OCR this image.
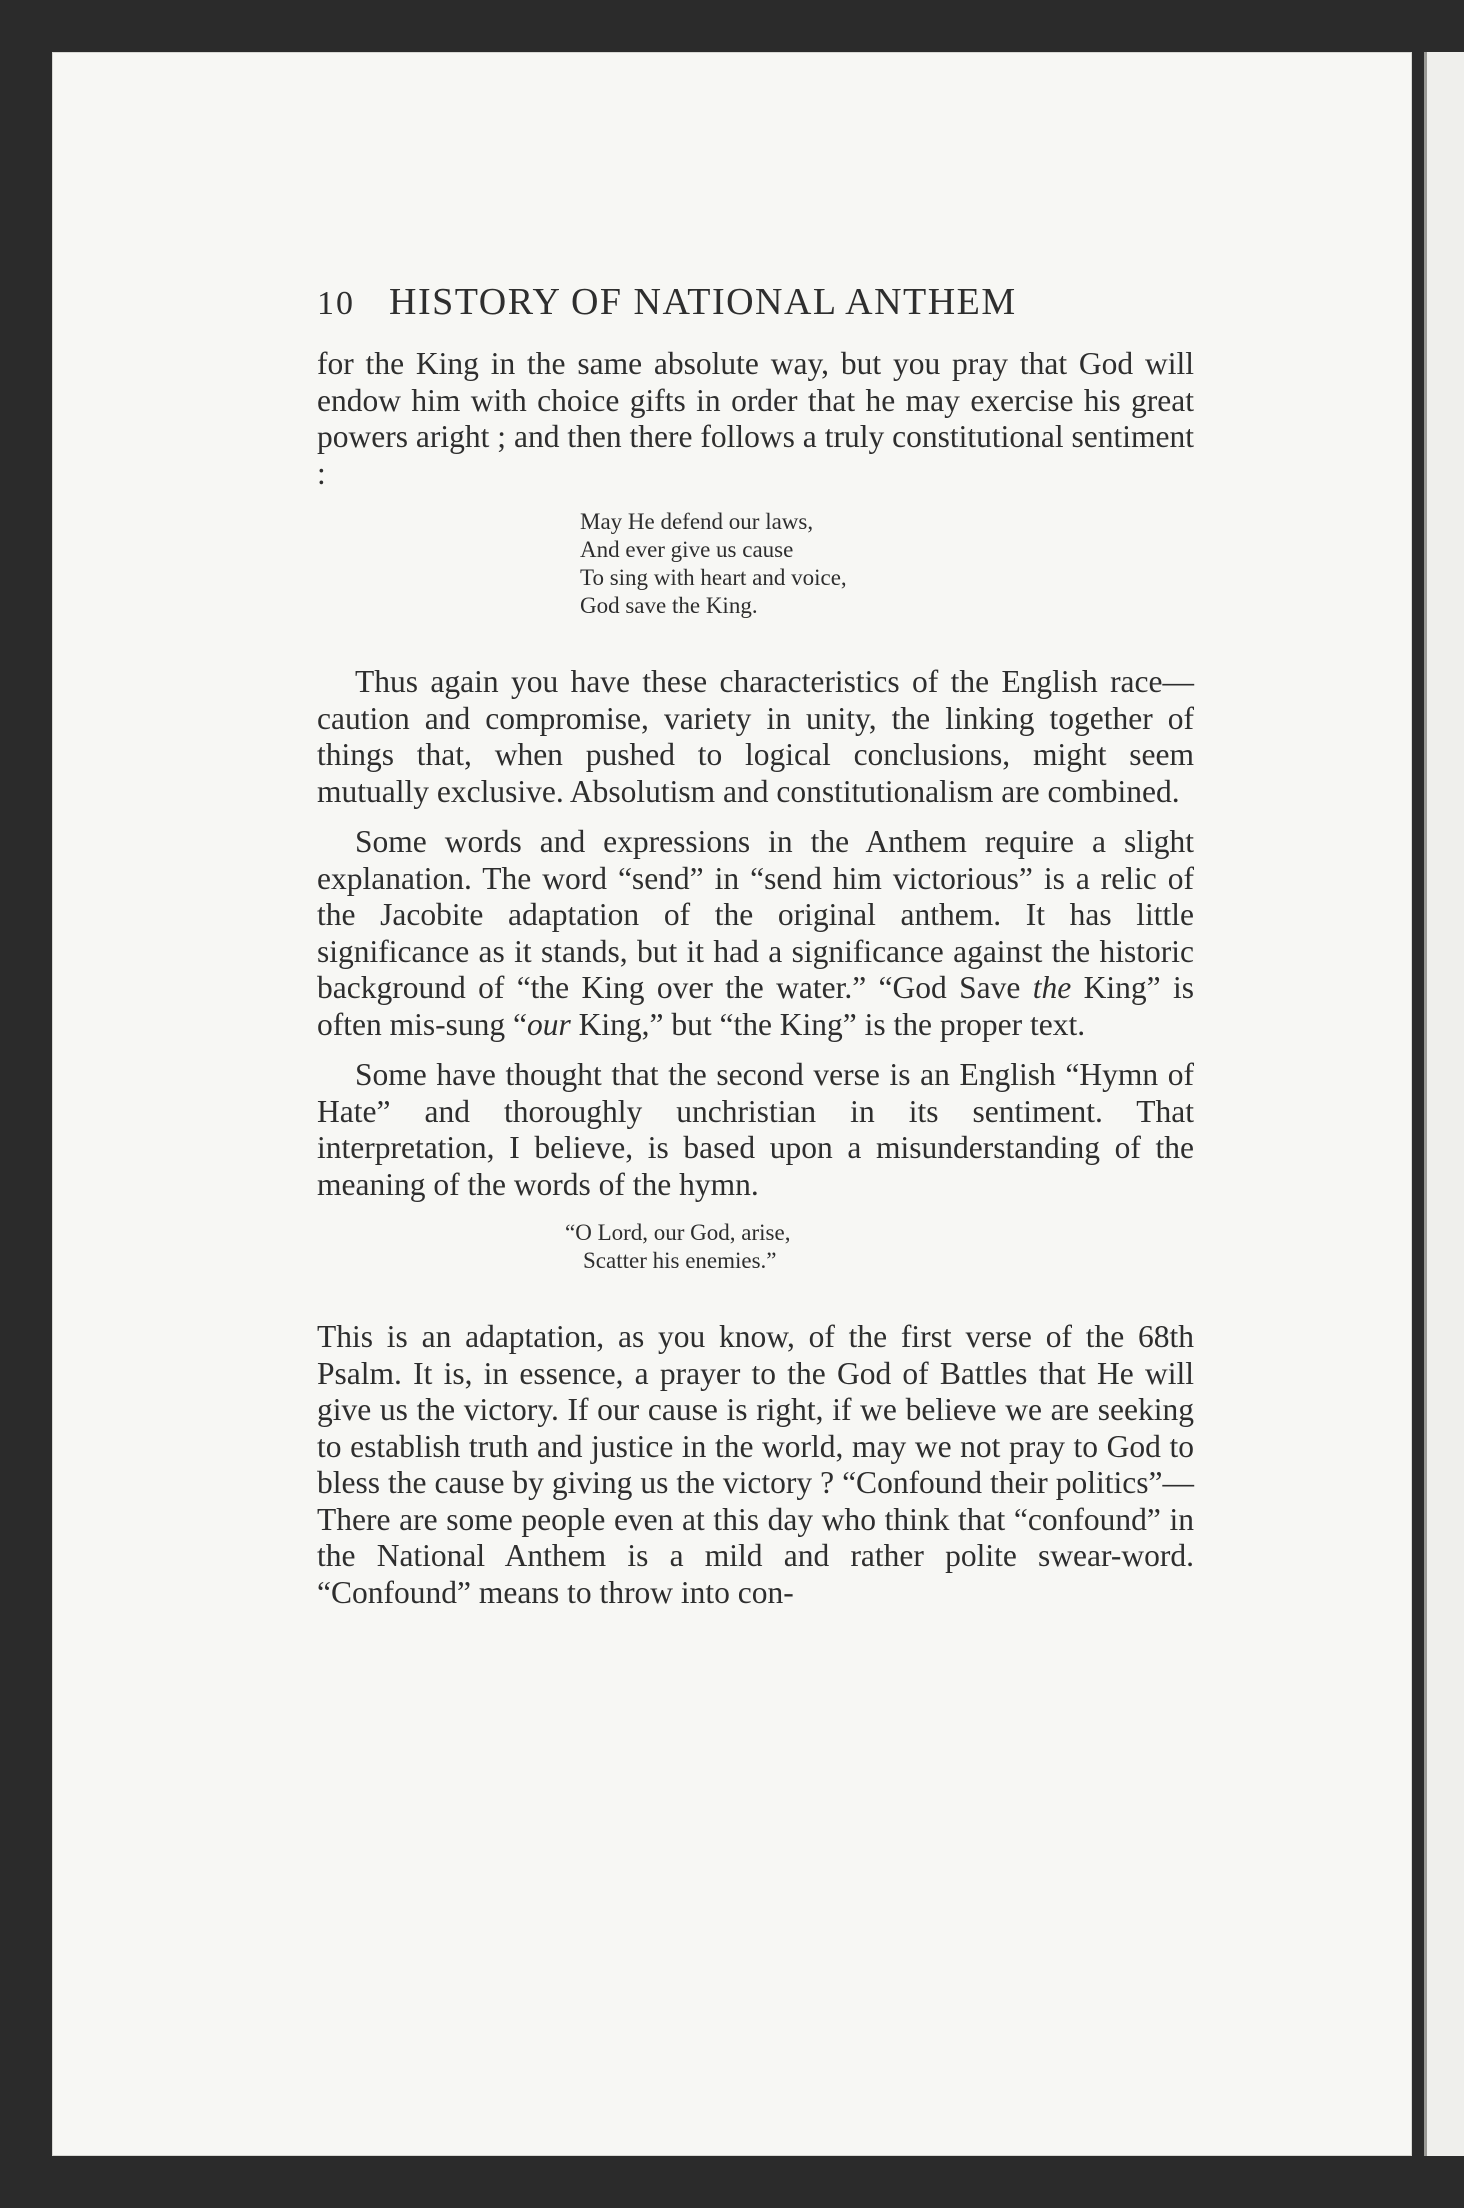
10 HISTORY OF NATIONAL ANTHEM

for the King in the same absolute way, but you pray that God will endow him with choice gifts in order that he may exercise his great powers aright ; and then there follows a truly constitutional sentiment :

May He defend our laws,
And ever give us cause
To sing with heart and voice,
God save the King.

Thus again you have these characteristics of the English race—caution and compromise, variety in unity, the linking together of things that, when pushed to logical conclusions, might seem mutually exclusive. Absolutism and constitutionalism are combined.

Some words and expressions in the Anthem require a slight explanation. The word “send” in “send him victorious” is a relic of the Jacobite adaptation of the original anthem. It has little significance as it stands, but it had a significance against the historic background of “the King over the water.” “God Save the King” is often mis-sung “our King,” but “the King” is the proper text.

Some have thought that the second verse is an English “Hymn of Hate” and thoroughly unchristian in its sentiment. That interpretation, I believe, is based upon a misunderstanding of the meaning of the words of the hymn.

“O Lord, our God, arise,
Scatter his enemies.”

This is an adaptation, as you know, of the first verse of the 68th Psalm. It is, in essence, a prayer to the God of Battles that He will give us the victory. If our cause is right, if we believe we are seeking to establish truth and justice in the world, may we not pray to God to bless the cause by giving us the victory ? “Confound their politics”—There are some people even at this day who think that “confound” in the National Anthem is a mild and rather polite swear-word. “Confound” means to throw into con-
